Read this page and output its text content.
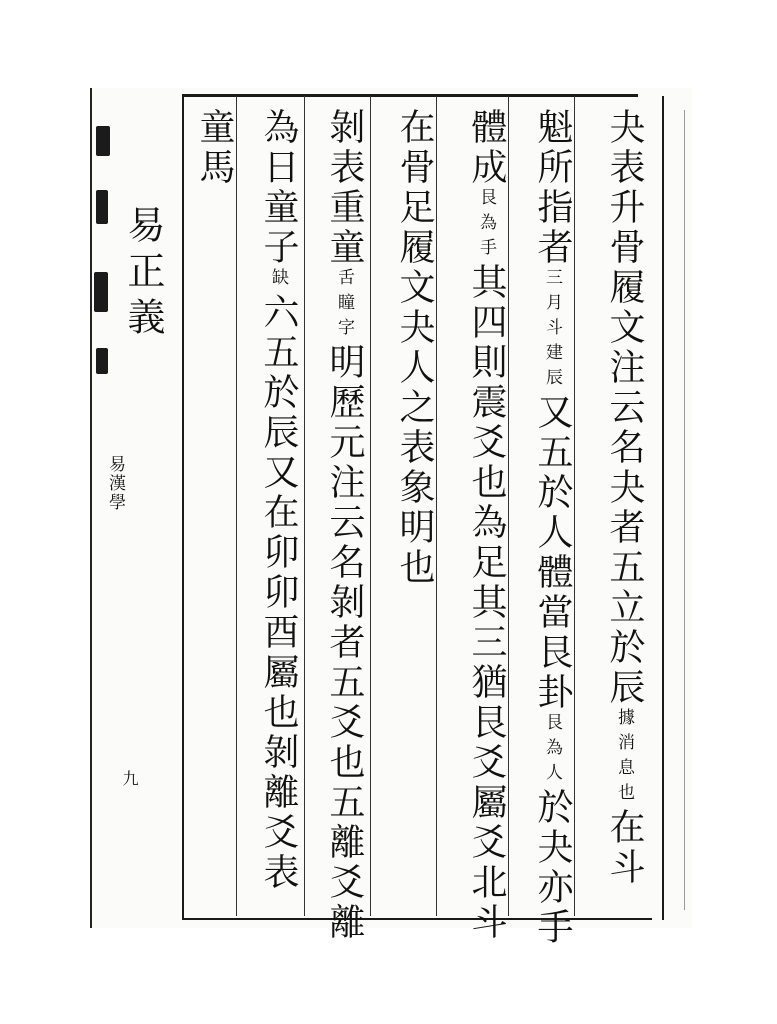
易正義
易漢學
九
夬表升骨履文注云名夬者五立於辰據消息也在斗
魁所指者三月斗建辰又五於人體當艮卦艮為人於夬亦手
體成艮為手其四則震爻也為足其三猶艮爻屬爻北斗
在骨足履文夬人之表象明也
剝表重童舌瞳字明歷元注云名剝者五爻也五離爻離
為日童子缺六五於辰又在卯卯酉屬也剝離爻表
童馬
